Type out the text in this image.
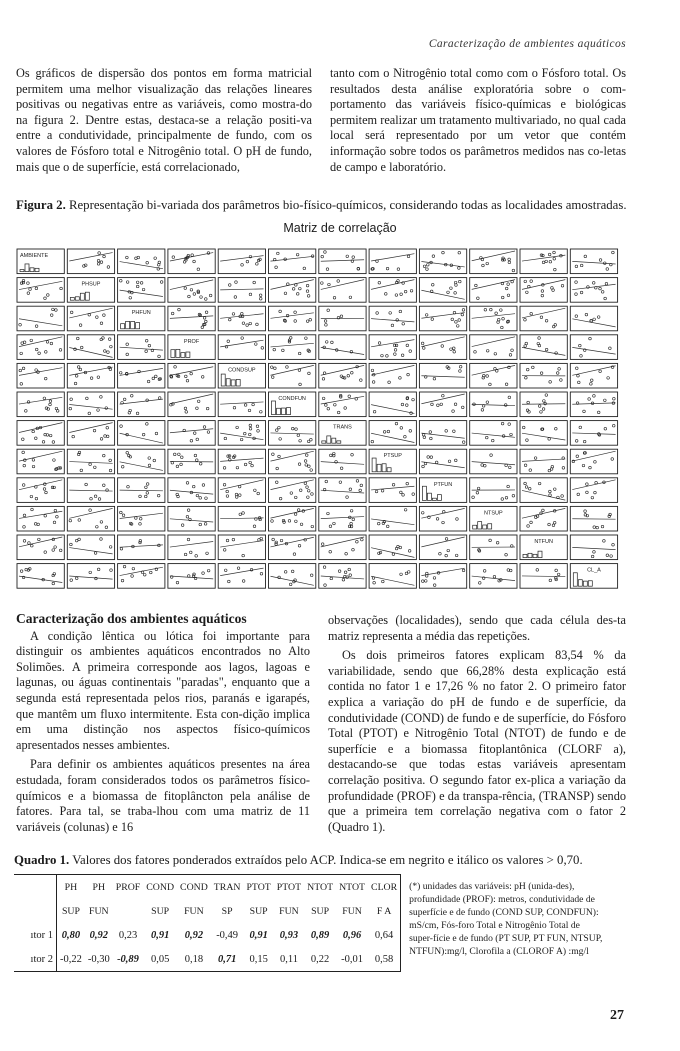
Caracterização de ambientes aquáticos

Os gráficos de dispersão dos pontos em forma matricial permitem uma melhor visualização das relações lineares positivas ou negativas entre as variáveis, como mostra-do na figura 2. Dentre estas, destaca-se a relação positi-va entre a condutividade, principalmente de fundo, com os valores de Fósforo total e Nitrogênio total. O pH de fundo, mais que o de superfície, está correlacionado,

tanto com o Nitrogênio total como com o Fósforo total. Os resultados desta análise exploratória sobre o com-portamento das variáveis físico-químicas e biológicas permitem realizar um tratamento multivariado, no qual cada local será representado por um vetor que contém informação sobre todos os parâmetros medidos nas co-letas de campo e laboratório.

Figura 2. Representação bi-variada dos parâmetros bio-físico-químicos, considerando todas as localidades amostradas.
Matriz de correlação
AMBIENTE
PHSUP
PHFUN
PROF
CONDSUP
CONDFUN
TRANS
PTSUP
PTFUN
NTSUP
NTFUN
CL_A
Caracterização dos ambientes aquáticos

A condição lêntica ou lótica foi importante para distinguir os ambientes aquáticos encontrados no Alto Solimões. A primeira corresponde aos lagos, lagoas e lagunas, ou águas continentais "paradas", enquanto que a segunda está representada pelos rios, paranás e igarapés, que mantêm um fluxo intermitente. Esta con-dição implica em uma distinção nos aspectos físico-químicos apresentados nesses ambientes.

Para definir os ambientes aquáticos presentes na área estudada, foram considerados todos os parâmetros físico-químicos e a biomassa de fitoplâncton pela análise de fatores. Para tal, se traba-lhou com uma matriz de 11 variáveis (colunas) e 16

observações (localidades), sendo que cada célula des-ta matriz representa a média das repetições.

Os dois primeiros fatores explicam 83,54 % da variabilidade, sendo que 66,28% desta explicação está contida no fator 1 e 17,26 % no fator 2. O primeiro fator explica a variação do pH de fundo e de superfície, da condutividade (COND) de fundo e de superfície, do Fósforo Total (PTOT) e Nitrogênio Total (NTOT) de fundo e de superfície e a biomassa fitoplantônica (CLORF a), destacando-se que todas estas variáveis apresentam correlação positiva. O segundo fator ex-plica a variação da profundidade (PROF) e da transpa-rência, (TRANSP) sendo que a primeira tem correlação negativa com o fator 2 (Quadro 1).

Quadro 1. Valores dos fatores ponderados extraídos pelo ACP. Indica-se em negrito e itálico os valores > 0,70.
	PH	PH	PROF	COND	COND	TRAN	PTOT	PTOT	NTOT	NTOT	CLOR
	SUP	FUN		SUP	FUN	SP	SUP	FUN	SUP	FUN	F A
ıtor 1	0,80	0,92	0,23	0,91	0,92	-0,49	0,91	0,93	0,89	0,96	0,64
ıtor 2	-0,22	-0,30	-0,89	0,05	0,18	0,71	0,15	0,11	0,22	-0,01	0,58
(*) unidades das variáveis: pH (unida-des), profundidade (PROF): metros, condutividade de superfície e de fundo (COND SUP, CONDFUN): mS/cm, Fós-foro Total e Nitrogênio Total de super-fície e de fundo (PT SUP, PT FUN, NTSUP, NTFUN):mg/l, Clorofila a (CLOROF A) :mg/l
27
